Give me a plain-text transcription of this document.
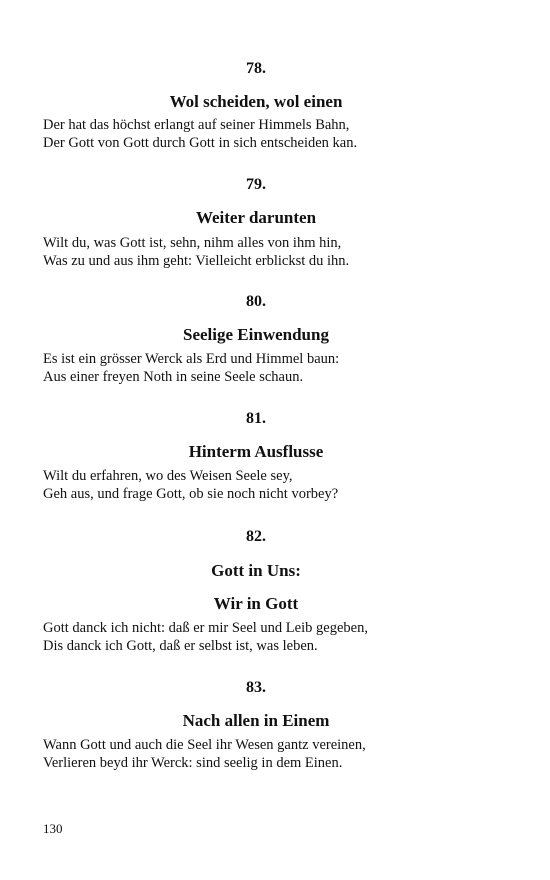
78.
Wol scheiden, wol einen
Der hat das höchst erlangt auf seiner Himmels Bahn,
Der Gott von Gott durch Gott in sich entscheiden kan.
79.
Weiter darunten
Wilt du, was Gott ist, sehn, nihm alles von ihm hin,
Was zu und aus ihm geht: Vielleicht erblickst du ihn.
80.
Seelige Einwendung
Es ist ein grösser Werck als Erd und Himmel baun:
Aus einer freyen Noth in seine Seele schaun.
81.
Hinterm Ausflusse
Wilt du erfahren, wo des Weisen Seele sey,
Geh aus, und frage Gott, ob sie noch nicht vorbey?
82.
Gott in Uns:
Wir in Gott
Gott danck ich nicht: daß er mir Seel und Leib gegeben,
Dis danck ich Gott, daß er selbst ist, was leben.
83.
Nach allen in Einem
Wann Gott und auch die Seel ihr Wesen gantz vereinen,
Verlieren beyd ihr Werck: sind seelig in dem Einen.
130
